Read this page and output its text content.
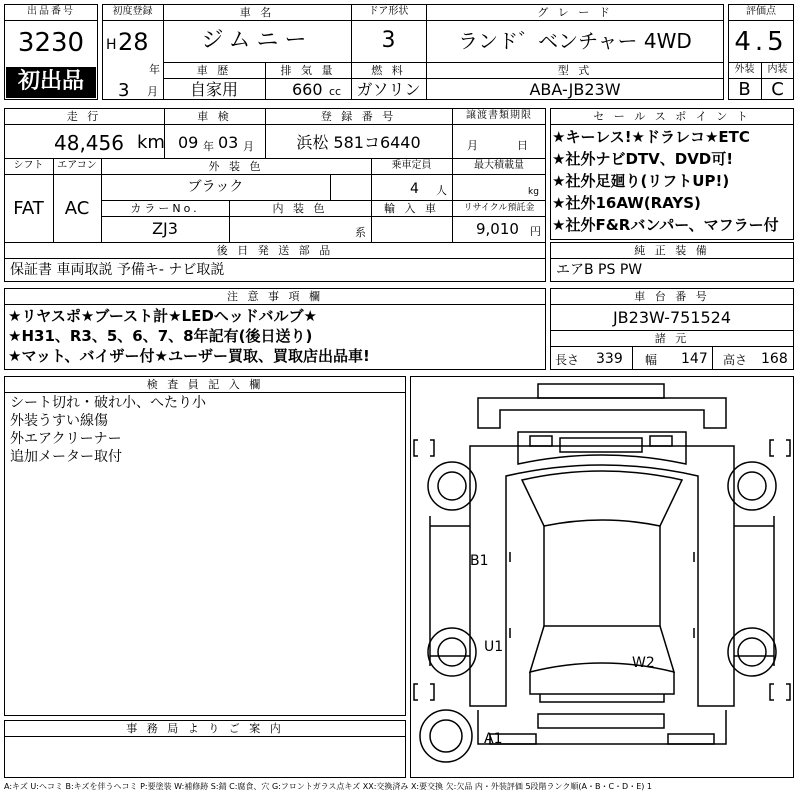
出品番号
3230
初出品
初度登録
H 28
年
3 月
車 名
ジムニー
ドア形状
3
グ レ ー ド
ランド゛ベンチャー 4WD
車 歴
自家用
排 気 量
660 cc
燃 料
ガソリン
型 式
ABA-JB23W
評価点
4.5
外装	内装
B	C
走 行
48,456 km
車 検
09 年 03 月
登 録 番 号
浜松 581コ6440
譲渡書類期限
月	日
シフト
FAT
エアコン
AC
外 装 色
ブラック
カラーNo.
ZJ3
内 装 色
系
乗車定員
4 人
最大積載量
kg
輸 入 車	リサイクル預託金
9,010 円
後 日 発 送 部 品
保証書 車両取説 予備キ- ナビ取説
セ ー ル ス ポ イ ン ト
★キーレス!★ドラレコ★ETC
★社外ナビDTV、DVD可!
★社外足廻り(リフトUP!)
★社外16AW(RAYS)
★社外F&Rバンパー、マフラー付
純 正 装 備
エアB PS PW
注 意 事 項 欄
★リヤスポ★ブースト計★LEDヘッドバルブ★
★H31、R3、5、6、7、8年記有(後日送り)
★マット、バイザー付★ユーザー買取、買取店出品車!
車 台 番 号
JB23W-751524
諸 元
長さ 339 幅 147 高さ 168
検 査 員 記 入 欄
シート切れ・破れ小、へたり小
外装うすい線傷
外エアクリーナー
追加メーター取付
事 務 局 よ り ご 案 内
B1
U1
W2
A1
A:キズ U:ヘコミ B:キズを伴うヘコミ P:要塗装 W:補修跡 S:錆 C:腐食、穴 G:フロントガラス点キズ XX:交換済み X:要交換 欠:欠品 内・外装評価 5段階ランク順(A・B・C・D・E) 1
